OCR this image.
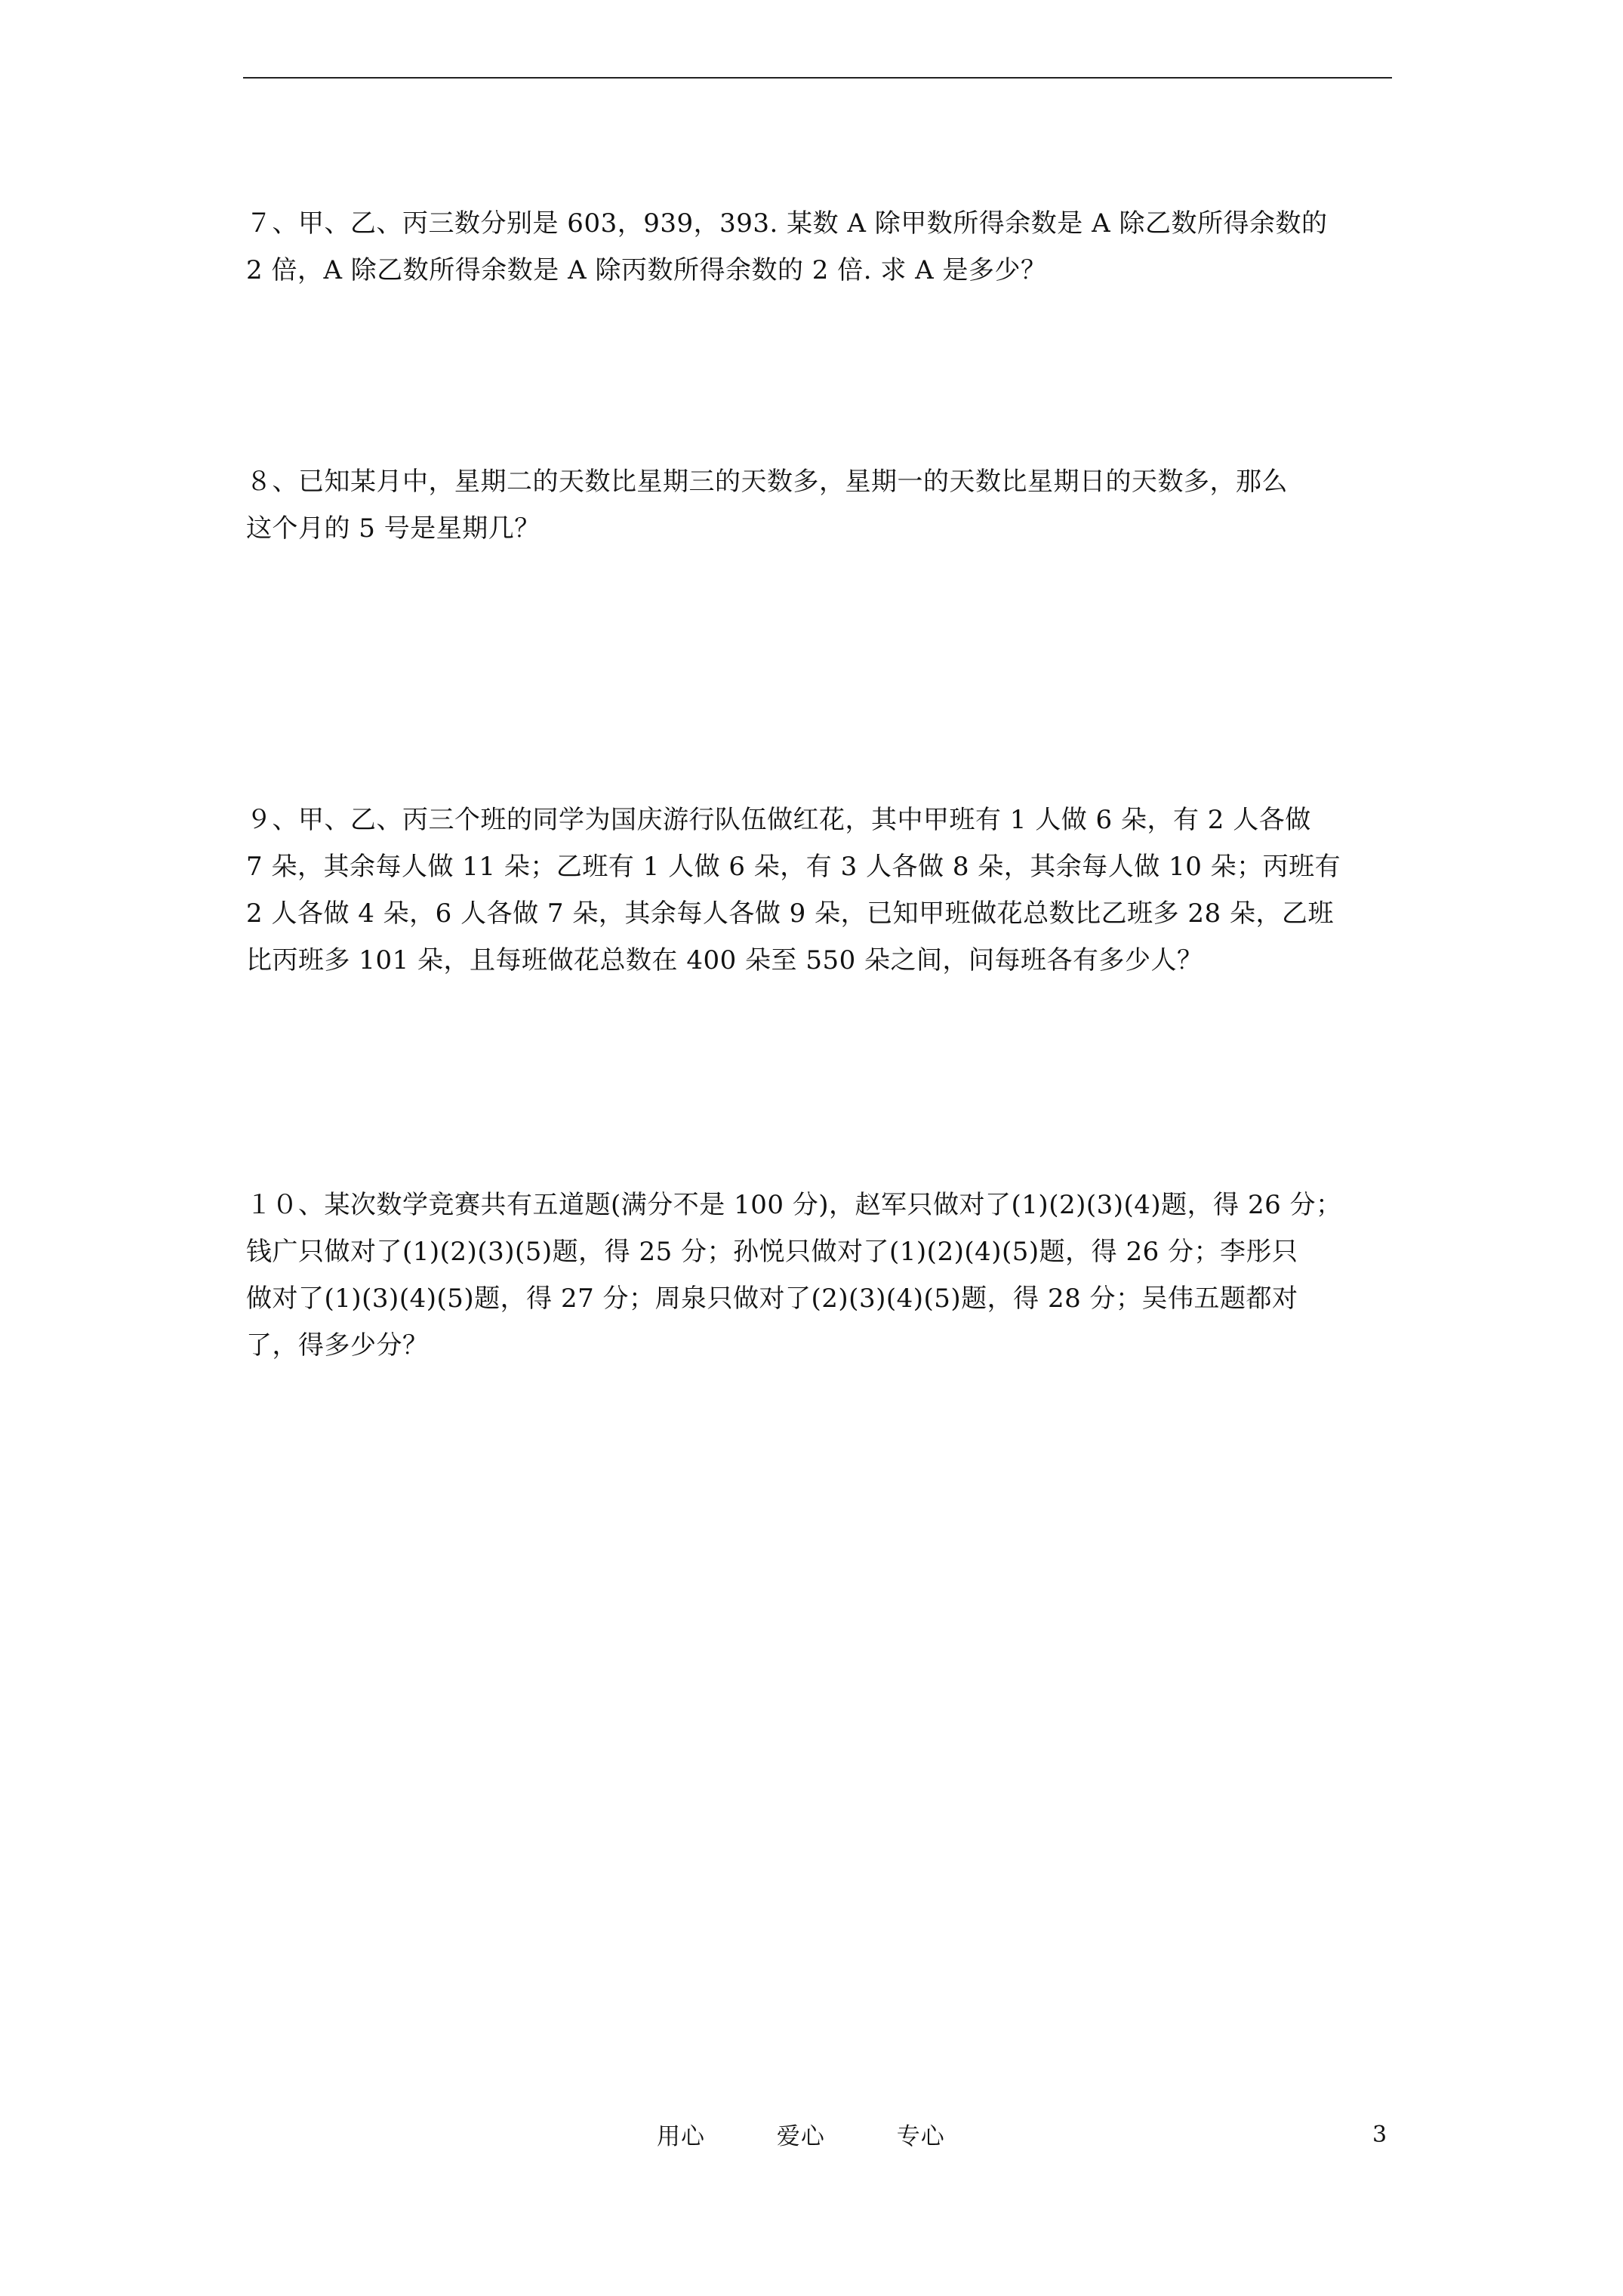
７、甲、乙、丙三数分别是 603，939，393. 某数 A 除甲数所得余数是 A 除乙数所得余数的
2 倍，A 除乙数所得余数是 A 除丙数所得余数的 2 倍. 求 A 是多少？
８、已知某月中，星期二的天数比星期三的天数多，星期一的天数比星期日的天数多，那么
这个月的 5 号是星期几？
９、甲、乙、丙三个班的同学为国庆游行队伍做红花，其中甲班有 1 人做 6 朵，有 2 人各做
7 朵，其余每人做 11 朵；乙班有 1 人做 6 朵，有 3 人各做 8 朵，其余每人做 10 朵；丙班有
2 人各做 4 朵，6 人各做 7 朵，其余每人各做 9 朵，已知甲班做花总数比乙班多 28 朵，乙班
比丙班多 101 朵，且每班做花总数在 400 朵至 550 朵之间，问每班各有多少人？
１０、某次数学竞赛共有五道题(满分不是 100 分)，赵军只做对了(1)(2)(3)(4)题，得 26 分；
钱广只做对了(1)(2)(3)(5)题，得 25 分；孙悦只做对了(1)(2)(4)(5)题，得 26 分；李彤只
做对了(1)(3)(4)(5)题，得 27 分；周泉只做对了(2)(3)(4)(5)题，得 28 分；吴伟五题都对
了，得多少分？
用心	爱心	专心	3
